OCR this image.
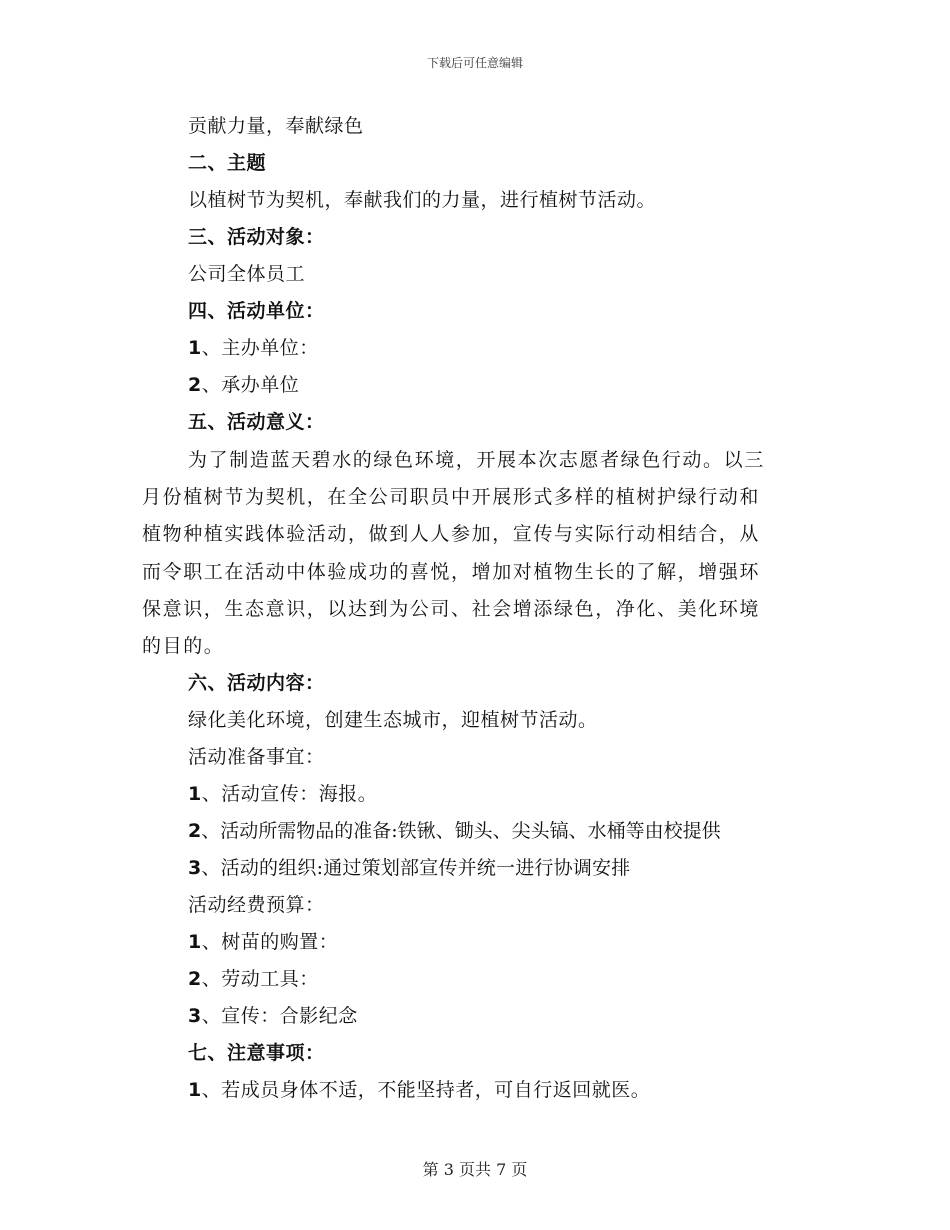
下载后可任意编辑
贡献力量，奉献绿色
二、主题
以植树节为契机，奉献我们的力量，进行植树节活动。
三、活动对象：
公司全体员工
四、活动单位：
1、主办单位：
2、承办单位
五、活动意义：
为了制造蓝天碧水的绿色环境，开展本次志愿者绿色行动。以三
月份植树节为契机，在全公司职员中开展形式多样的植树护绿行动和
植物种植实践体验活动，做到人人参加，宣传与实际行动相结合，从
而令职工在活动中体验成功的喜悦，增加对植物生长的了解，增强环
保意识，生态意识，以达到为公司、社会增添绿色，净化、美化环境
的目的。
六、活动内容：
绿化美化环境，创建生态城市，迎植树节活动。
活动准备事宜：
1、活动宣传：海报。
2、活动所需物品的准备:铁锹、锄头、尖头镐、水桶等由校提供
3、活动的组织:通过策划部宣传并统一进行协调安排
活动经费预算：
1、树苗的购置：
2、劳动工具：
3、宣传：合影纪念
七、注意事项：
1、若成员身体不适，不能坚持者，可自行返回就医。
第 3 页共 7 页
